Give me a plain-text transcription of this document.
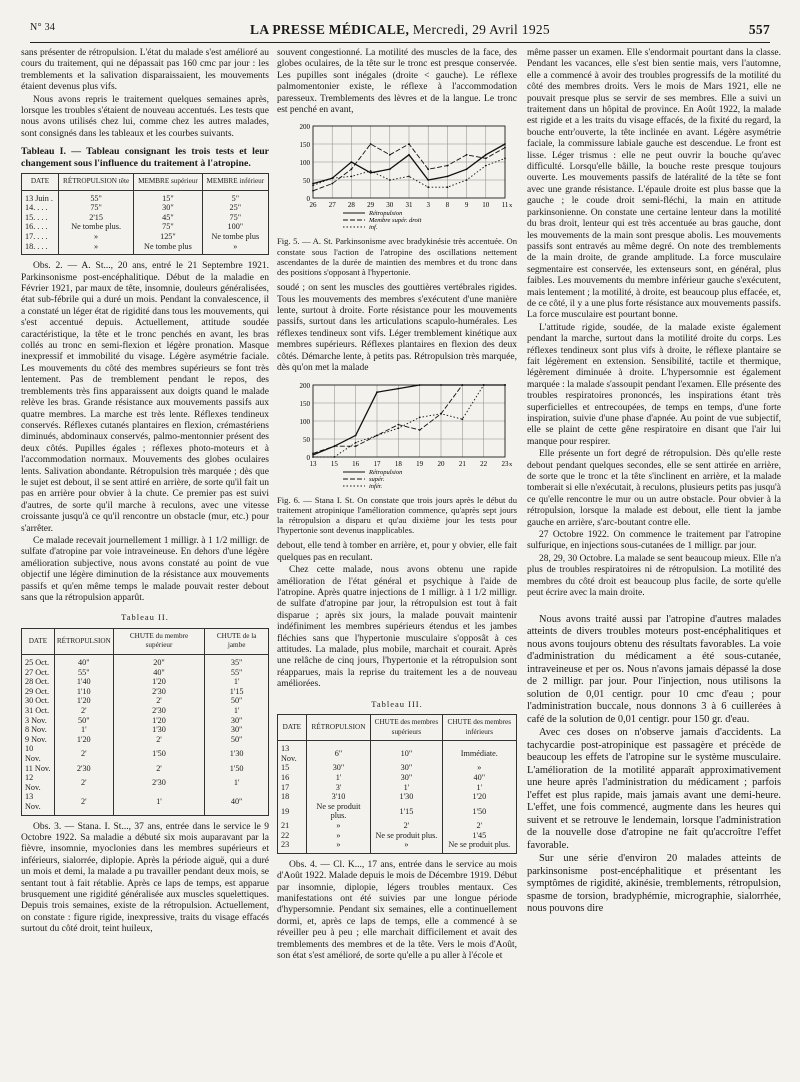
N° 34	LA PRESSE MÉDICALE, Mercredi, 29 Avril 1925	557

sans présenter de rétropulsion. L'état du malade s'est amélioré au cours du traitement, qui ne dépassait pas 160 cmc par jour : les tremblements et la salivation disparaissaient, les mouvements étaient devenus plus vifs.

Nous avons repris le traitement quelques semaines après, lorsque les troubles s'étaient de nouveau accentués. Les tests que nous avons utilisés chez lui, comme chez les autres malades, sont consignés dans les tableaux et les courbes suivants.

Tableau I. — Tableau consignant les trois tests et leur changement sous l'influence du traitement à l'atropine.

DATE	RÉTROPULSION tête	MEMBRE supérieur	MEMBRE inférieur
13 Juin .	55"	15"	5"
14. . . .	75"	30"	25"
15. . . .	2'15	45"	75"
16. . . .	Ne tombe plus.	75"	100"
17. . . .	»	125"	Ne tombe plus
18. . . .	»	Ne tombe plus	»

Obs. 2. — A. St..., 20 ans, entré le 21 Septembre 1921. Parkinsonisme post-encéphalitique. Début de la maladie en Février 1921, par maux de tête, insomnie, douleurs généralisées, état sub-fébrile qui a duré un mois. Pendant la convalescence, il a constaté un léger état de rigidité dans tous les mouvements, qui s'est accentué depuis. Actuellement, attitude soudée caractéristique, la tête et le tronc penchés en avant, les bras collés au tronc en semi-flexion et légère pronation. Masque inexpressif et immobilité du visage. Légère asymétrie faciale. Les mouvements du côté des membres supérieurs se font très lentement. Pas de tremblement pendant le repos, des tremblements très fins apparaissent aux doigts quand le malade relève les bras. Grande résistance aux mouvements passifs aux quatre membres. La marche est très lente. Réflexes tendineux conservés. Réflexes cutanés plantaires en flexion, crémastériens diminués, abdominaux conservés, palmo-mentonnier présent des deux côtés. Pupilles égales ; réflexes photo-moteurs et à l'accommodation normaux. Mouvements des globes oculaires lents. Salivation abondante. Rétropulsion très marquée ; dès que le sujet est debout, il se sent attiré en arrière, de sorte qu'il fait un pas en arrière pour obvier à la chute. Ce premier pas est suivi d'autres, de sorte qu'il marche à reculons, avec une vitesse croissante jusqu'à ce qu'il rencontre un obstacle (mur, etc.) pour s'arrêter.

Ce malade recevait journellement 1 milligr. à 1 1/2 milligr. de sulfate d'atropine par voie intraveineuse. En dehors d'une légère amélioration subjective, nous avons constaté au point de vue objectif une légère diminution de la résistance aux mouvements passifs et qu'en même temps le malade pouvait rester debout sans que la rétropulsion apparût.

Tableau II.

DATE	RÉTROPULSION	CHUTE du membre supérieur	CHUTE de la jambe
25 Oct.	40"	20"	35"
27 Oct.	55"	40"	55"
28 Oct.	1'40	1'20	1'
29 Oct.	1'10	2'30	1'15
30 Oct.	1'20	2'	50"
31 Oct.	2'	2'30	1'
3 Nov.	50"	1'20	30"
8 Nov.	1'	1'30	30"
9 Nov.	1'20	2'	50"
10 Nov.	2'	1'50	1'30
11 Nov.	2'30	2'	1'50
12 Nov.	2'	2'30	1'
13 Nov.	2'	1'	40"

Obs. 3. — Stana. I. St..., 37 ans, entrée dans le service le 9 Octobre 1922. Sa maladie a débuté six mois auparavant par la fièvre, insomnie, myoclonies dans les membres supérieurs et inférieurs, sialorrée, diplopie. Après la période aiguë, qui a duré un mois et demi, la malade a pu travailler pendant deux mois, se sentant tout à fait rétablie. Après ce laps de temps, est apparue brusquement une rigidité généralisée aux muscles squelettiques. Depuis trois semaines, existe de la rétropulsion. Actuellement, on constate : figure rigide, inexpressive, traits du visage effacés surtout du côté droit, teint huileux,

souvent congestionné. La motilité des muscles de la face, des globes oculaires, de la tête sur le tronc est presque conservée. Les pupilles sont inégales (droite < gauche). Le réflexe palmomentonier existe, le réflexe à l'accommodation paresseux. Tremblements des lèvres et de la langue. Le tronc est penché en avant,

0
50
100
150
200
26 27 28 29 30 31 3 8 9 10 11 x
Rétropulsion
Membre supér. droit
inf.

Fig. 5. — A. St. Parkinsonisme avec bradykinésie très accentuée. On constate sous l'action de l'atropine des oscillations nettement ascendantes de la durée de maintien des membres et du tronc dans des positions s'opposant à l'hypertonie.

soudé ; on sent les muscles des gouttières vertébrales rigides. Tous les mouvements des membres s'exécutent d'une manière lente, surtout à droite. Forte résistance pour les mouvements passifs, surtout dans les articulations scapulo-humérales. Les réflexes tendineux sont vifs. Léger tremblement kinétique aux membres supérieurs. Réflexes plantaires en flexion des deux côtés. Démarche lente, à petits pas. Rétropulsion très marquée, dès qu'on met la malade

0
50
100
150
200
13 15 16 17 18 19 20 21 22 23 x
Rétropulsion
supér.
infér.

Fig. 6. — Stana I. St. On constate que trois jours après le début du traitement atropinique l'amélioration commence, qu'après sept jours la rétropulsion a disparu et qu'au dixième jour les tests pour l'hypertonie sont devenus inapplicables.

debout, elle tend à tomber en arrière, et, pour y obvier, elle fait quelques pas en reculant.

Chez cette malade, nous avons obtenu une rapide amélioration de l'état général et psychique à l'aide de l'atropine. Après quatre injections de 1 milligr. à 1 1/2 milligr. de sulfate d'atropine par jour, la rétropulsion est tout à fait disparue ; après six jours, la malade pouvait maintenir indéfiniment les membres supérieurs étendus et les jambes fléchies sans que l'hypertonie musculaire s'opposât à ces attitudes. La malade, plus mobile, marchait et courait. Après une relâche de cinq jours, l'hypertonie et la rétropulsion sont réapparues, mais la reprise du traitement les a de nouveau améliorées.

Tableau III.

DATE	RÉTROPULSION	CHUTE des membres supérieurs	CHUTE des membres inférieurs
13 Nov.	6"	10"	Immédiate.
15	30"	30"	»
16	1'	30"	40"
17	3'	1'	1'
18	3'10	1'30	1'20
19	Ne se produit plus.	1'15	1'50
21	»	2'	2'
22	»	Ne se produit plus.	1'45
23	»	»	Ne se produit plus.

Obs. 4. — Cl. K..., 17 ans, entrée dans le service au mois d'Août 1922. Malade depuis le mois de Décembre 1919. Début par insomnie, diplopie, légers troubles mentaux. Ces manifestations ont été suivies par une longue période d'hypersomnie. Pendant six semaines, elle a continuellement dormi, et, après ce laps de temps, elle a commencé à se réveiller peu à peu ; elle marchait difficilement et avait des tremblements des membres et de la tête. Vers le mois d'Août, son état s'est amélioré, de sorte qu'elle a pu aller à l'école et

même passer un examen. Elle s'endormait pourtant dans la classe. Pendant les vacances, elle s'est bien sentie mais, vers l'automne, elle a commencé à avoir des troubles progressifs de la motilité du côté des membres droits. Vers le mois de Mars 1921, elle ne pouvait presque plus se servir de ses membres. Elle a suivi un traitement dans un hôpital de province. En Août 1922, la malade est rigide et a les traits du visage effacés, de la fixité du regard, la bouche entr'ouverte, la tête inclinée en avant. Légère asymétrie faciale, la commissure labiale gauche est descendue. Le front est lisse. Léger trismus : elle ne peut ouvrir la bouche qu'avec difficulté. Lorsqu'elle bâille, la bouche reste presque toujours ouverte. Les mouvements passifs de latéralité de la tête se font avec une grande résistance. L'épaule droite est plus basse que la gauche ; le coude droit semi-fléchi, la main en attitude parkinsonienne. On constate une certaine lenteur dans la motilité du bras droit, lenteur qui est très accentuée au bras gauche, dont les mouvements de la main sont presque abolis. Les mouvements passifs sont entravés au même degré. On note des tremblements de la main droite, de grande amplitude. La force musculaire segmentaire est conservée, les extenseurs sont, en général, plus faibles. Les mouvements du membre inférieur gauche s'exécutent, mais lentement ; la motilité, à droite, est beaucoup plus effacée, et, de ce côté, il y a une plus forte résistance aux mouvements passifs. La force musculaire est pourtant bonne.

L'attitude rigide, soudée, de la malade existe également pendant la marche, surtout dans la motilité droite du corps. Les réflexes tendineux sont plus vifs à droite, le réflexe plantaire se fait légèrement en extension. Sensibilité, tactile et thermique, légèrement diminuée à droite. L'hypersomnie est également marquée : la malade s'assoupit pendant l'examen. Elle présente des troubles respiratoires prononcés, les inspirations étant très superficielles et entrecoupées, de temps en temps, d'une forte inspiration, suivie d'une phase d'apnée. Au point de vue subjectif, elle se plaint de cette gêne respiratoire en disant que l'air lui manque pour respirer.

Elle présente un fort degré de rétropulsion. Dès qu'elle reste debout pendant quelques secondes, elle se sent attirée en arrière, de sorte que le tronc et la tête s'inclinent en arrière, et la malade tomberait si elle n'exécutait, à reculons, plusieurs petits pas jusqu'à ce qu'elle rencontre le mur ou un autre obstacle. Pour obvier à la rétropulsion, lorsque la malade est debout, elle tient la jambe gauche en arrière, s'arc-boutant contre elle.

27 Octobre 1922. On commence le traitement par l'atropine sulfurique, en injections sous-cutanées de 1 milligr. par jour.

28, 29, 30 Octobre. La malade se sent beaucoup mieux. Elle n'a plus de troubles respiratoires ni de rétropulsion. La motilité des membres du côté droit est beaucoup plus facile, de sorte qu'elle peut écrire avec la main droite.

Nous avons traité aussi par l'atropine d'autres malades atteints de divers troubles moteurs post-encéphalitiques et nous avons toujours obtenu des résultats favorables. La voie d'administration du médicament a été sous-cutanée, intraveineuse et per os. Nous n'avons jamais dépassé la dose de 2 milligr. par jour. Pour l'injection, nous utilisons la solution de 0,01 centigr. pour 10 cmc d'eau ; pour l'administration buccale, nous donnons 3 à 6 cuillerées à café de la solution de 0,01 centigr. pour 150 gr. d'eau.

Avec ces doses on n'observe jamais d'accidents. La tachycardie post-atropinique est passagère et précède de beaucoup les effets de l'atropine sur le système musculaire. L'amélioration de la motilité apparaît approximativement une heure après l'administration du médicament ; parfois l'effet est plus rapide, mais jamais avant une demi-heure. L'effet, une fois commencé, augmente dans les heures qui suivent et se retrouve le lendemain, lorsque l'administration de la nouvelle dose d'atropine ne fait qu'accroître l'effet favorable.

Sur une série d'environ 20 malades atteints de parkinsonisme post-encéphalitique et présentant les symptômes de rigidité, akinésie, tremblements, rétropulsion, spasme de torsion, bradyphémie, micrographie, sialorrhée, nous pouvons dire
